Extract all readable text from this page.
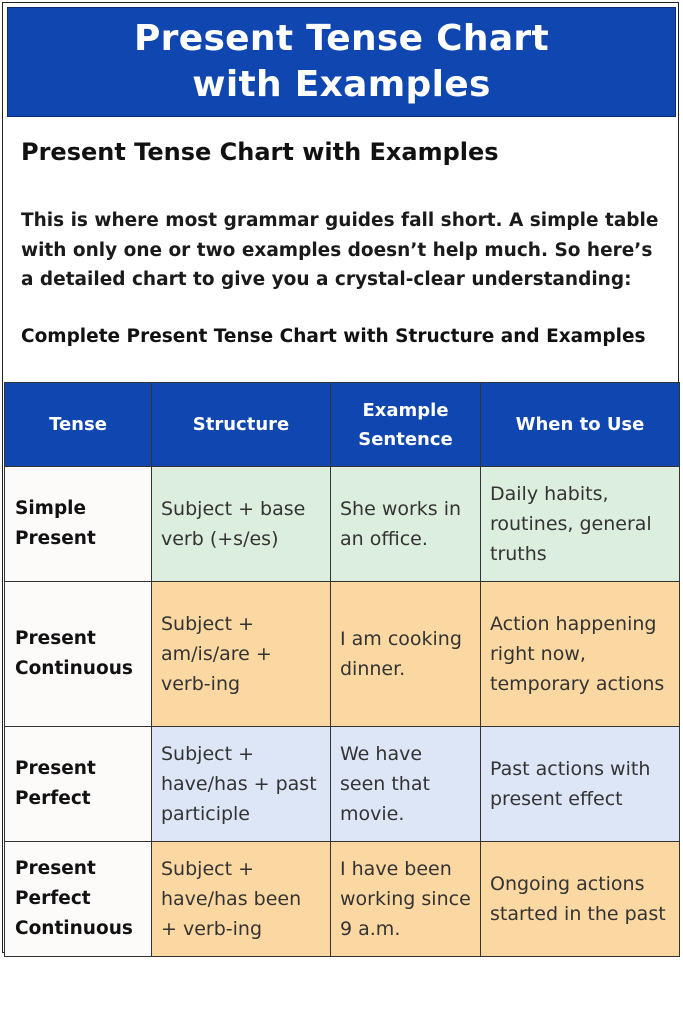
Present Tense Chart
with Examples
Present Tense Chart with Examples

This is where most grammar guides fall short. A simple table with only one or two examples doesn’t help much. So here’s a detailed chart to give you a crystal-clear understanding:

Complete Present Tense Chart with Structure and Examples

Tense	Structure	Example Sentence	When to Use
Simple Present	Subject + base verb (+s/es)	She works in an office.	Daily habits, routines, general truths
Present Continuous	Subject + am/is/are + verb-ing	I am cooking dinner.	Action happening right now, temporary actions
Present Perfect	Subject + have/has + past participle	We have seen that movie.	Past actions with present effect
Present Perfect Continuous	Subject + have/has been + verb-ing	I have been working since 9 a.m.	Ongoing actions started in the past
